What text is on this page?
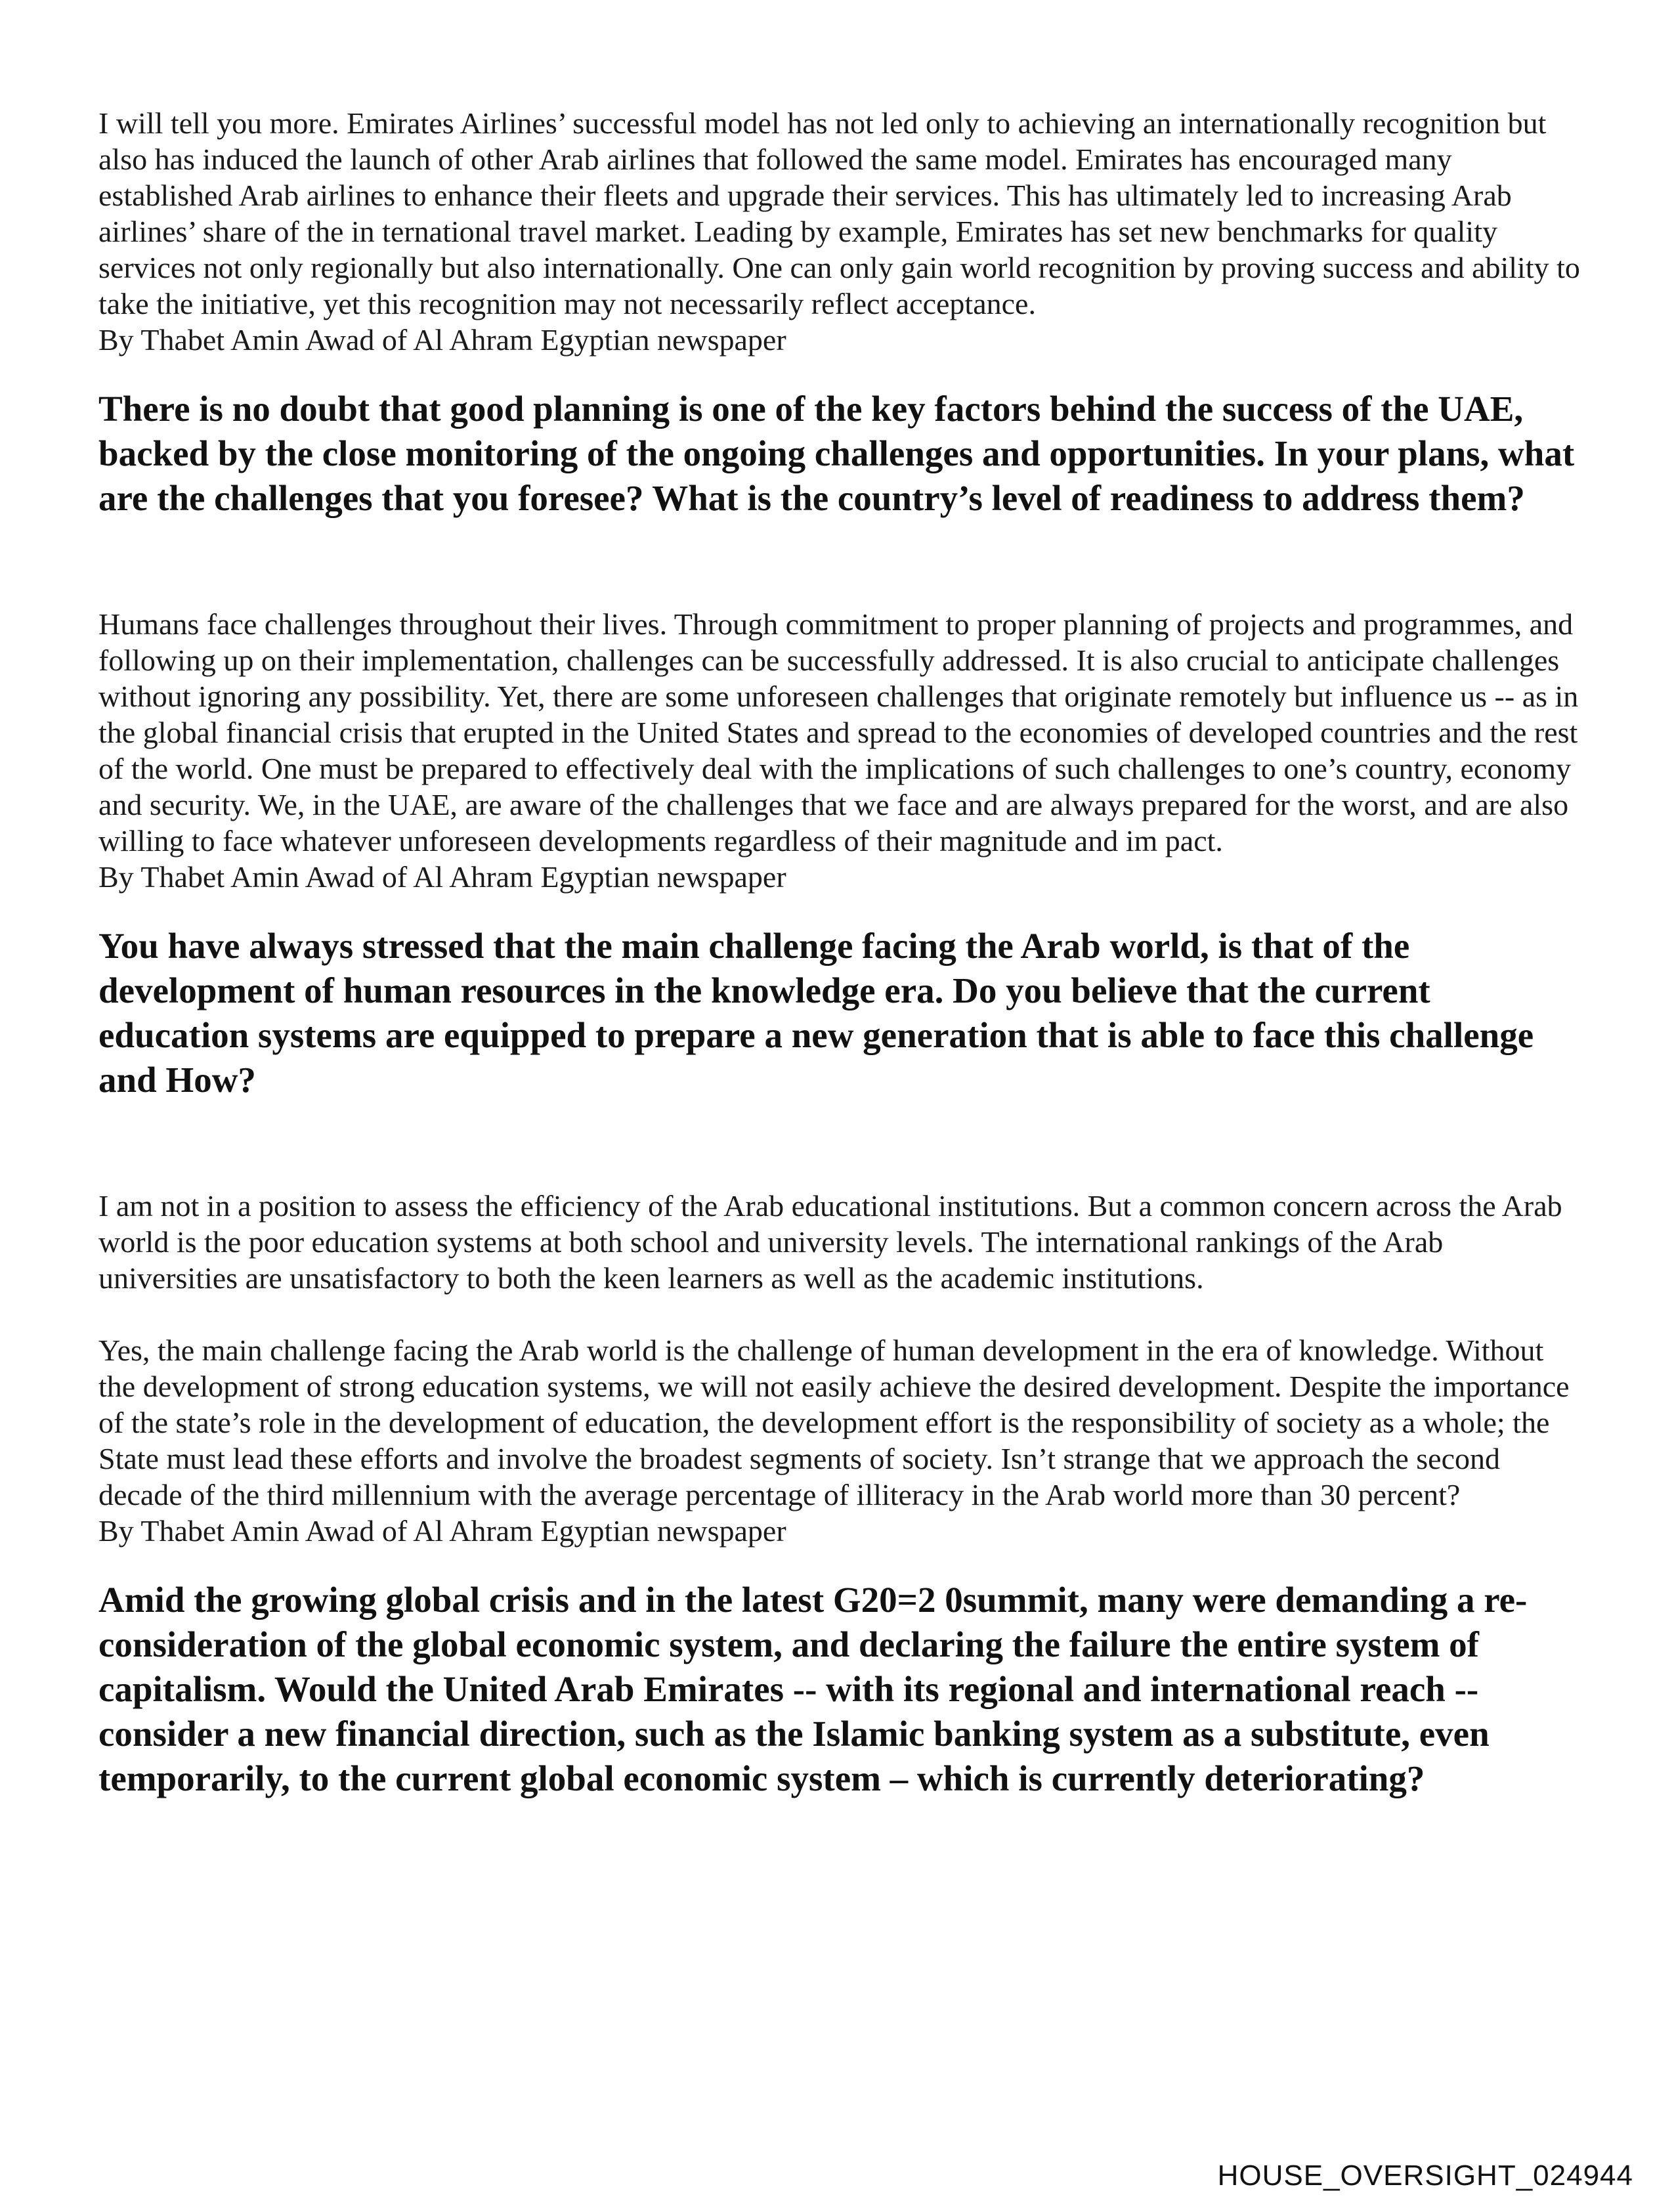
I will tell you more. Emirates Airlines’ successful model has not led only to achieving an internationally recognition but also has induced the launch of other Arab airlines that followed the same model. Emirates has encouraged many established Arab airlines to enhance their fleets and upgrade their services. This has ultimately led to increasing Arab airlines’ share of the in ternational travel market. Leading by example, Emirates has set new benchmarks for quality services not only regionally but also internationally. One can only gain world recognition by proving success and ability to take the initiative, yet this recognition may not necessarily reflect acceptance.

By Thabet Amin Awad of Al Ahram Egyptian newspaper

There is no doubt that good planning is one of the key factors behind the success of the UAE, backed by the close monitoring of the ongoing challenges and opportunities. In your plans, what are the challenges that you foresee? What is the country’s level of readiness to address them?

Humans face challenges throughout their lives. Through commitment to proper planning of projects and programmes, and following up on their implementation, challenges can be successfully addressed. It is also crucial to anticipate challenges without ignoring any possibility. Yet, there are some unforeseen challenges that originate remotely but influence us -- as in the global financial crisis that erupted in the United States and spread to the economies of developed countries and the rest of the world. One must be prepared to effectively deal with the implications of such challenges to one’s country, economy and security. We, in the UAE, are aware of the challenges that we face and are always prepared for the worst, and are also willing to face whatever unforeseen developments regardless of their magnitude and im pact.

By Thabet Amin Awad of Al Ahram Egyptian newspaper

You have always stressed that the main challenge facing the Arab world, is that of the development of human resources in the knowledge era. Do you believe that the current education systems are equipped to prepare a new generation that is able to face this challenge and How?

I am not in a position to assess the efficiency of the Arab educational institutions. But a common concern across the Arab world is the poor education systems at both school and university levels. The international rankings of the Arab universities are unsatisfactory to both the keen learners as well as the academic institutions.

Yes, the main challenge facing the Arab world is the challenge of human development in the era of knowledge. Without the development of strong education systems, we will not easily achieve the desired development. Despite the importance of the state’s role in the development of education, the development effort is the responsibility of society as a whole; the State must lead these efforts and involve the broadest segments of society. Isn’t strange that we approach the second decade of the third millennium with the average percentage of illiteracy in the Arab world more than 30 percent?

By Thabet Amin Awad of Al Ahram Egyptian newspaper

Amid the growing global crisis and in the latest G20=2 0summit, many were demanding a re-consideration of the global economic system, and declaring the failure the entire system of capitalism. Would the United Arab Emirates -- with its regional and international reach -- consider a new financial direction, such as the Islamic banking system as a substitute, even temporarily, to the current global economic system – which is currently deteriorating?

HOUSE_OVERSIGHT_024944
